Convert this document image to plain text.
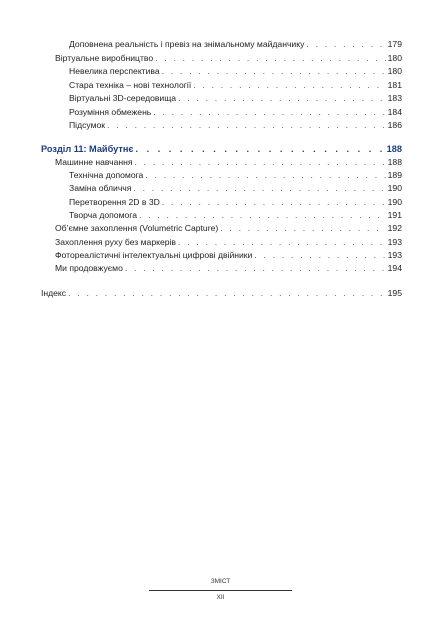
Доповнена реальність і превіз на знімальному майданчику . . .	179
Віртуальне виробництво . . .	180
Невелика перспектива . . .	180
Стара техніка – нові технології . . .	181
Віртуальні 3D-середовища . . .	183
Розуміння обмежень . . .	184
Підсумок . . .	186
Розділ 11: Майбутнє . . .	188
Машинне навчання . . .	188
Технічна допомога . . .	189
Заміна обличчя . . .	190
Перетворення 2D в 3D . . .	190
Творча допомога . . .	191
Об’ємне захоплення (Volumetric Capture) . . .	192
Захоплення руху без маркерів . . .	193
Фотореалістичні інтелектуальні цифрові двійники . . .	193
Ми продовжуємо . . .	194
Індекс . . .	195
ЗМІСТ
XII
